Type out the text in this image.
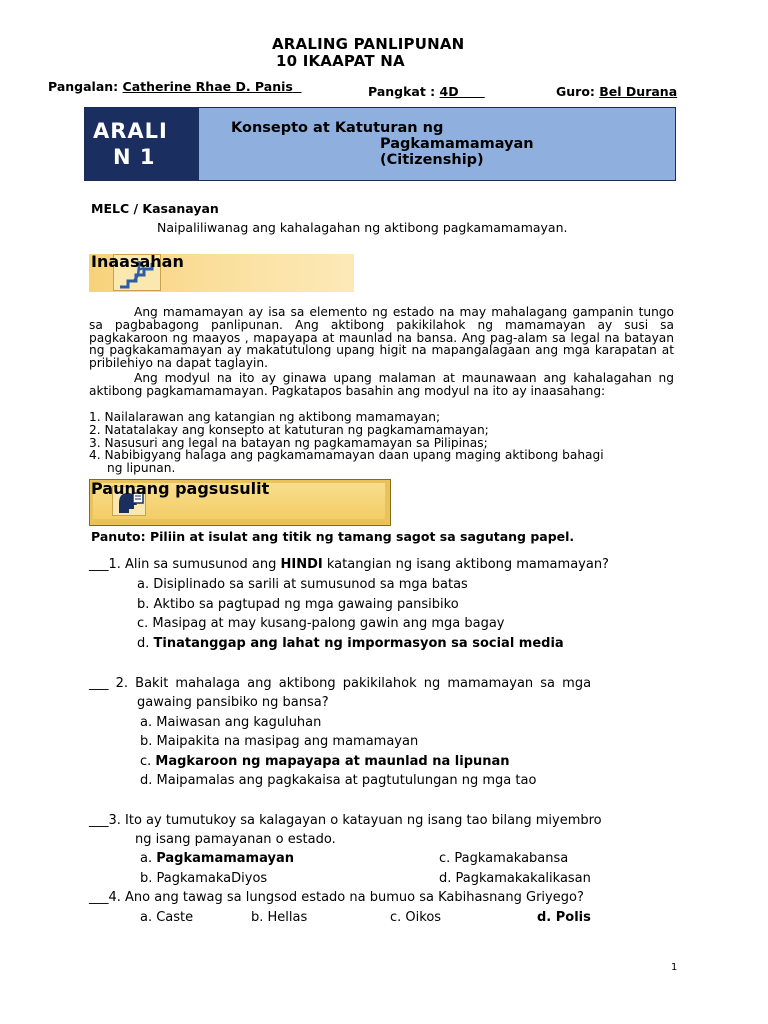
ARALING PANLIPUNAN
10 IKAAPAT NA
Pangalan: Catherine Rhae D. Panis	Pangkat : 4D	Guro: Bel Durana
ARALI
N 1
Konsepto at Katuturan ng
Pagkamamamayan
(Citizenship)
MELC / Kasanayan
Naipaliliwanag ang kahalagahan ng aktibong pagkamamamayan.
Inaasahan
Ang mamamayan ay isa sa elemento ng estado na may mahalagang gampanin tungo sa pagbabagong panlipunan. Ang aktibong pakikilahok ng mamamayan ay susi sa pagkakaroon ng maayos , mapayapa at maunlad na bansa. Ang pag-alam sa legal na batayan ng pagkakamamayan ay makatutulong upang higit na mapangalagaan ang mga karapatan at pribilehiyo na dapat taglayin.
Ang modyul na ito ay ginawa upang malaman at maunawaan ang kahalagahan ng aktibong pagkamamamayan. Pagkatapos basahin ang modyul na ito ay inaasahang:
1. Nailalarawan ang katangian ng aktibong mamamayan;
2. Natatalakay ang konsepto at katuturan ng pagkamamamayan;
3. Nasusuri ang legal na batayan ng pagkamamayan sa Pilipinas;
4. Nabibigyang halaga ang pagkamamamayan daan upang maging aktibong bahagi
ng lipunan.
Paunang pagsusulit
Panuto: Piliin at isulat ang titik ng tamang sagot sa sagutang papel.
___1. Alin sa sumusunod ang HINDI katangian ng isang aktibong mamamayan?
a. Disiplinado sa sarili at sumusunod sa mga batas
b. Aktibo sa pagtupad ng mga gawaing pansibiko
c. Masipag at may kusang-palong gawin ang mga bagay
d. Tinatanggap ang lahat ng impormasyon sa social media
___ 2. Bakit mahalaga ang aktibong pakikilahok ng mamamayan sa mga
gawaing pansibiko ng bansa?
a. Maiwasan ang kaguluhan
b. Maipakita na masipag ang mamamayan
c. Magkaroon ng mapayapa at maunlad na lipunan
d. Maipamalas ang pagkakaisa at pagtutulungan ng mga tao
___3. Ito ay tumutukoy sa kalagayan o katayuan ng isang tao bilang miyembro
ng isang pamayanan o estado.
a. Pagkamamamayan	c. Pagkamakabansa
b. PagkamakaDiyos	d. Pagkamakakalikasan
___4. Ano ang tawag sa lungsod estado na bumuo sa Kabihasnang Griyego?
a. Caste	b. Hellas	c. Oikos	d. Polis
1
